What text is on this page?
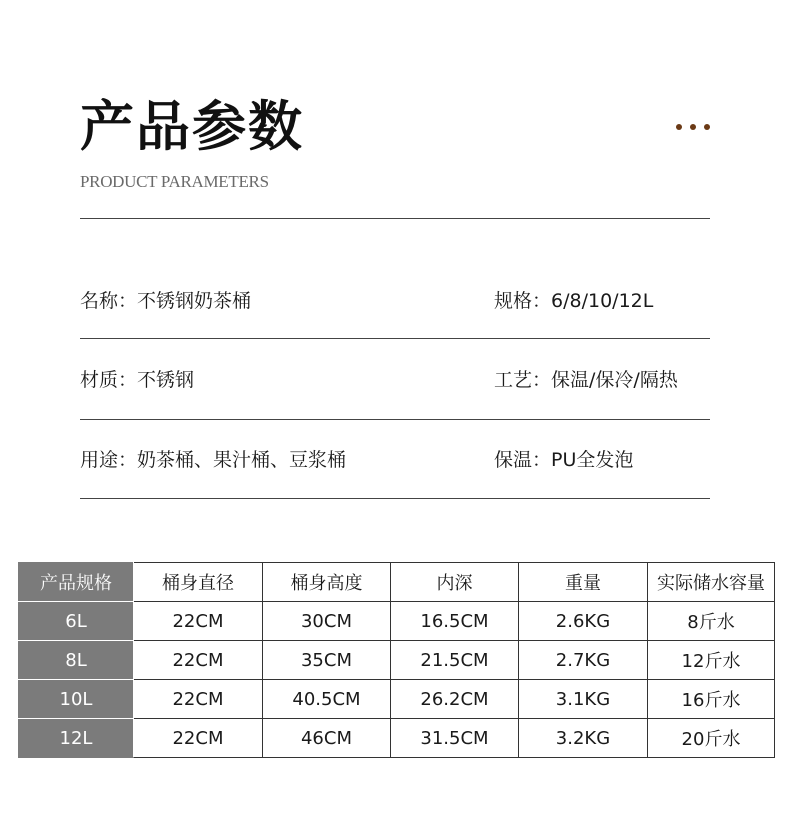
产品参数
PRODUCT PARAMETERS
名称：不锈钢奶茶桶	规格：6/8/10/12L
材质：不锈钢	工艺：保温/保冷/隔热
用途：奶茶桶、果汁桶、豆浆桶	保温：PU全发泡
产品规格	桶身直径	桶身高度	内深	重量	实际储水容量
6L	22CM	30CM	16.5CM	2.6KG	8斤水
8L	22CM	35CM	21.5CM	2.7KG	12斤水
10L	22CM	40.5CM	26.2CM	3.1KG	16斤水
12L	22CM	46CM	31.5CM	3.2KG	20斤水
